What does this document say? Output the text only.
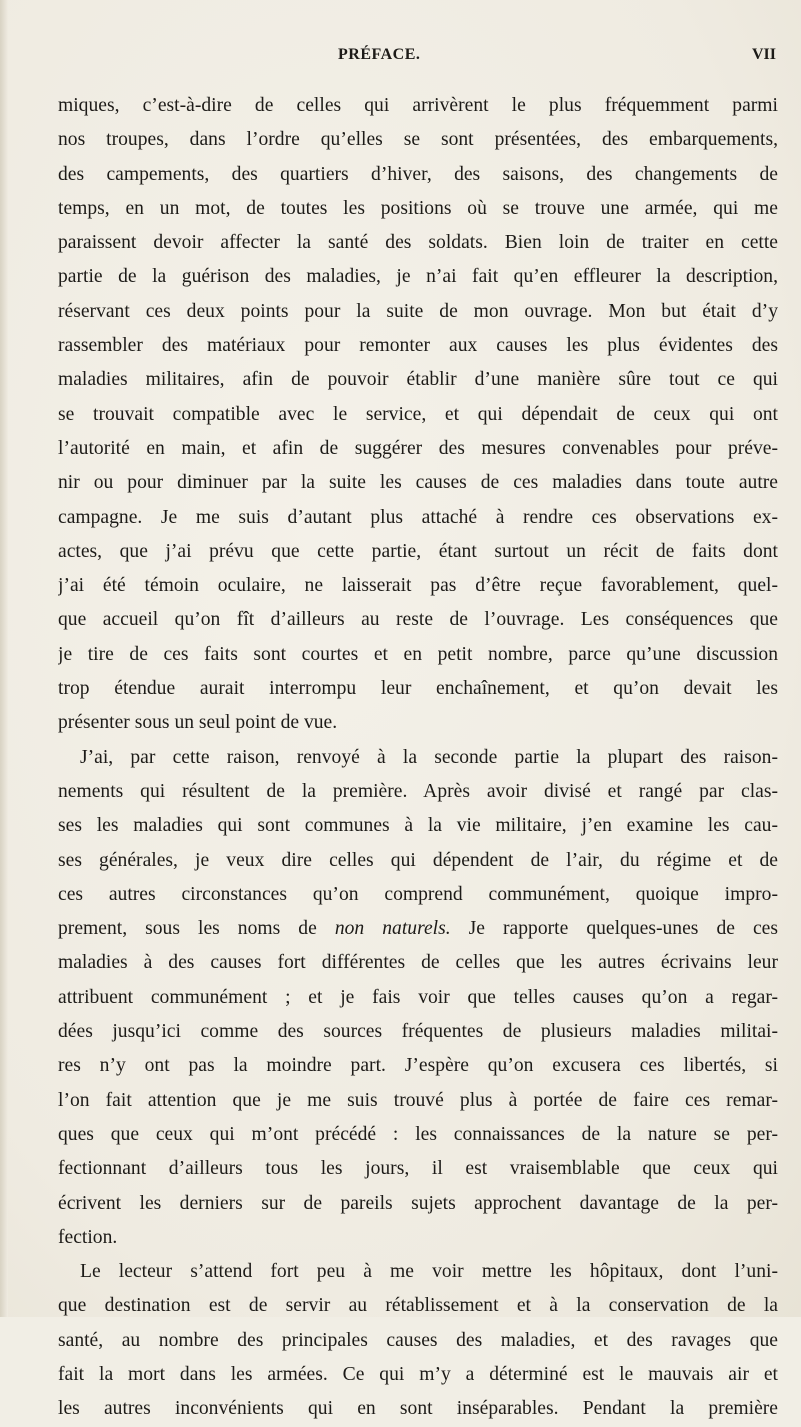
PRÉFACE.	VII
miques, c’est-à-dire de celles qui arrivèrent le plus fréquemment parmi
nos troupes, dans l’ordre qu’elles se sont présentées, des embarquements,
des campements, des quartiers d’hiver, des saisons, des changements de
temps, en un mot, de toutes les positions où se trouve une armée, qui me
paraissent devoir affecter la santé des soldats. Bien loin de traiter en cette
partie de la guérison des maladies, je n’ai fait qu’en effleurer la description,
réservant ces deux points pour la suite de mon ouvrage. Mon but était d’y
rassembler des matériaux pour remonter aux causes les plus évidentes des
maladies militaires, afin de pouvoir établir d’une manière sûre tout ce qui
se trouvait compatible avec le service, et qui dépendait de ceux qui ont
l’autorité en main, et afin de suggérer des mesures convenables pour préve-
nir ou pour diminuer par la suite les causes de ces maladies dans toute autre
campagne. Je me suis d’autant plus attaché à rendre ces observations ex-
actes, que j’ai prévu que cette partie, étant surtout un récit de faits dont
j’ai été témoin oculaire, ne laisserait pas d’être reçue favorablement, quel-
que accueil qu’on fît d’ailleurs au reste de l’ouvrage. Les conséquences que
je tire de ces faits sont courtes et en petit nombre, parce qu’une discussion
trop étendue aurait interrompu leur enchaînement, et qu’on devait les
présenter sous un seul point de vue.
J’ai, par cette raison, renvoyé à la seconde partie la plupart des raison-
nements qui résultent de la première. Après avoir divisé et rangé par clas-
ses les maladies qui sont communes à la vie militaire, j’en examine les cau-
ses générales, je veux dire celles qui dépendent de l’air, du régime et de
ces autres circonstances qu’on comprend communément, quoique impro-
prement, sous les noms de non naturels. Je rapporte quelques-unes de ces
maladies à des causes fort différentes de celles que les autres écrivains leur
attribuent communément ; et je fais voir que telles causes qu’on a regar-
dées jusqu’ici comme des sources fréquentes de plusieurs maladies militai-
res n’y ont pas la moindre part. J’espère qu’on excusera ces libertés, si
l’on fait attention que je me suis trouvé plus à portée de faire ces remar-
ques que ceux qui m’ont précédé : les connaissances de la nature se per-
fectionnant d’ailleurs tous les jours, il est vraisemblable que ceux qui
écrivent les derniers sur de pareils sujets approchent davantage de la per-
fection.
Le lecteur s’attend fort peu à me voir mettre les hôpitaux, dont l’uni-
que destination est de servir au rétablissement et à la conservation de la
santé, au nombre des principales causes des maladies, et des ravages que
fait la mort dans les armées. Ce qui m’y a déterminé est le mauvais air et
les autres inconvénients qui en sont inséparables. Pendant la première
